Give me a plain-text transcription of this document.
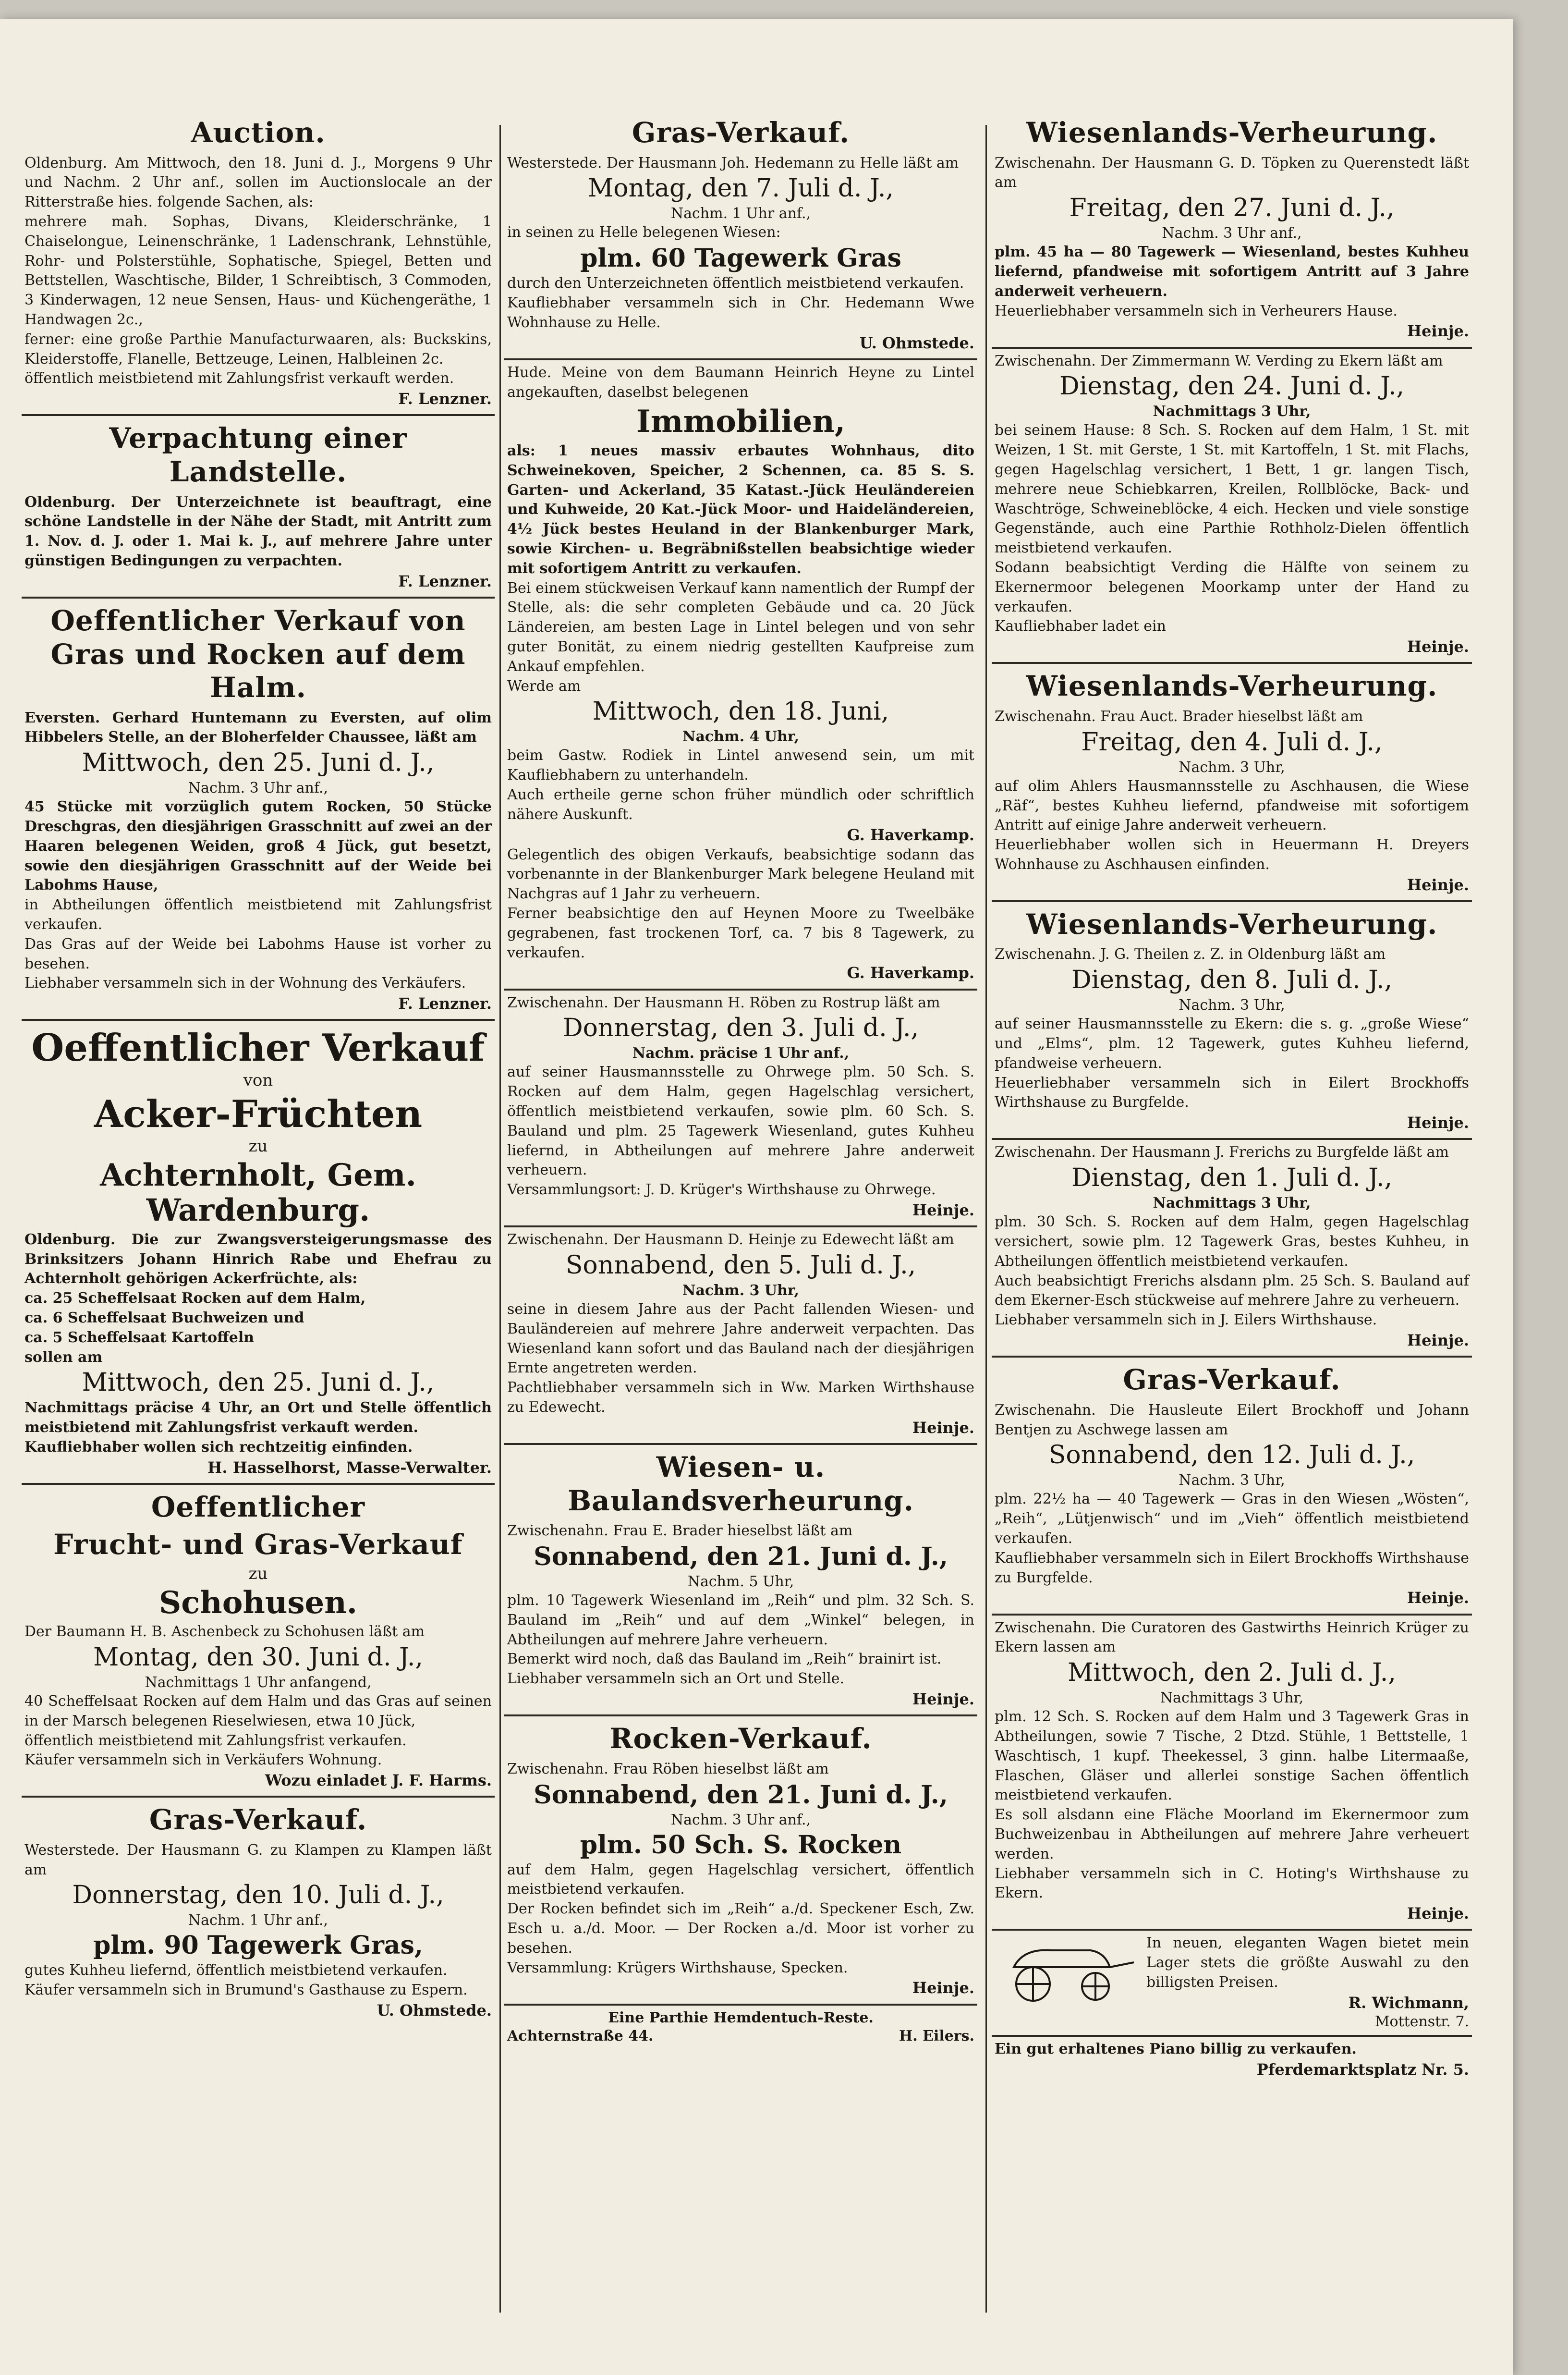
Auction.

Oldenburg. Am Mittwoch, den 18. Juni d. J., Morgens 9 Uhr und Nachm. 2 Uhr anf., sollen im Auctionslocale an der Ritterstraße hies. folgende Sachen, als:

mehrere mah. Sophas, Divans, Kleiderschränke, 1 Chaiselongue, Leinenschränke, 1 Ladenschrank, Lehnstühle, Rohr- und Polsterstühle, Sophatische, Spiegel, Betten und Bettstellen, Waschtische, Bilder, 1 Schreibtisch, 3 Commoden, 3 Kinderwagen, 12 neue Sensen, Haus- und Küchengeräthe, 1 Handwagen 2c.,

ferner: eine große Parthie Manufacturwaaren, als: Buckskins, Kleiderstoffe, Flanelle, Bettzeuge, Leinen, Halbleinen 2c.

öffentlich meistbietend mit Zahlungsfrist verkauft werden.

F. Lenzner.
Verpachtung einer Landstelle.

Oldenburg. Der Unterzeichnete ist beauftragt, eine schöne Landstelle in der Nähe der Stadt, mit Antritt zum 1. Nov. d. J. oder 1. Mai k. J., auf mehrere Jahre unter günstigen Bedingungen zu verpachten.

F. Lenzner.
Oeffentlicher Verkauf von Gras und Rocken auf dem Halm.

Eversten. Gerhard Huntemann zu Eversten, auf olim Hibbelers Stelle, an der Bloherfelder Chaussee, läßt am

Mittwoch, den 25. Juni d. J.,
Nachm. 3 Uhr anf.,

45 Stücke mit vorzüglich gutem Rocken, 50 Stücke Dreschgras, den diesjährigen Grasschnitt auf zwei an der Haaren belegenen Weiden, groß 4 Jück, gut besetzt, sowie den diesjährigen Grasschnitt auf der Weide bei Labohms Hause,

in Abtheilungen öffentlich meistbietend mit Zahlungsfrist verkaufen.

Das Gras auf der Weide bei Labohms Hause ist vorher zu besehen.

Liebhaber versammeln sich in der Wohnung des Verkäufers.

F. Lenzner.
Oeffentlicher Verkauf
von
Acker-Früchten
zu
Achternholt, Gem. Wardenburg.

Oldenburg. Die zur Zwangsversteigerungsmasse des Brinksitzers Johann Hinrich Rabe und Ehefrau zu Achternholt gehörigen Ackerfrüchte, als:

ca. 25 Scheffelsaat Rocken auf dem Halm,

ca. 6 Scheffelsaat Buchweizen und

ca. 5 Scheffelsaat Kartoffeln

sollen am

Mittwoch, den 25. Juni d. J.,

Nachmittags präcise 4 Uhr, an Ort und Stelle öffentlich meistbietend mit Zahlungsfrist verkauft werden.

Kaufliebhaber wollen sich rechtzeitig einfinden.

H. Hasselhorst, Masse-Verwalter.
Oeffentlicher
Frucht- und Gras-Verkauf
zu
Schohusen.

Der Baumann H. B. Aschenbeck zu Schohusen läßt am

Montag, den 30. Juni d. J.,
Nachmittags 1 Uhr anfangend,

40 Scheffelsaat Rocken auf dem Halm und das Gras auf seinen in der Marsch belegenen Rieselwiesen, etwa 10 Jück,

öffentlich meistbietend mit Zahlungsfrist verkaufen.

Käufer versammeln sich in Verkäufers Wohnung.

Wozu einladet J. F. Harms.
Gras-Verkauf.

Westerstede. Der Hausmann G. zu Klampen zu Klampen läßt am

Donnerstag, den 10. Juli d. J.,
Nachm. 1 Uhr anf.,
plm. 90 Tagewerk Gras,

gutes Kuhheu liefernd, öffentlich meistbietend verkaufen.

Käufer versammeln sich in Brumund's Gasthause zu Espern.

U. Ohmstede.
Gras-Verkauf.

Westerstede. Der Hausmann Joh. Hedemann zu Helle läßt am

Montag, den 7. Juli d. J.,
Nachm. 1 Uhr anf.,

in seinen zu Helle belegenen Wiesen:

plm. 60 Tagewerk Gras

durch den Unterzeichneten öffentlich meistbietend verkaufen.

Kaufliebhaber versammeln sich in Chr. Hedemann Wwe Wohnhause zu Helle.

U. Ohmstede.

Hude. Meine von dem Baumann Heinrich Heyne zu Lintel angekauften, daselbst belegenen

Immobilien,

als: 1 neues massiv erbautes Wohnhaus, dito Schweinekoven, Speicher, 2 Schennen, ca. 85 S. S. Garten- und Ackerland, 35 Katast.-Jück Heuländereien und Kuhweide, 20 Kat.-Jück Moor- und Haideländereien, 4½ Jück bestes Heuland in der Blankenburger Mark, sowie Kirchen- u. Begräbnißstellen beabsichtige wieder mit sofortigem Antritt zu verkaufen.

Bei einem stückweisen Verkauf kann namentlich der Rumpf der Stelle, als: die sehr completen Gebäude und ca. 20 Jück Ländereien, am besten Lage in Lintel belegen und von sehr guter Bonität, zu einem niedrig gestellten Kaufpreise zum Ankauf empfehlen.

Werde am

Mittwoch, den 18. Juni,
Nachm. 4 Uhr,

beim Gastw. Rodiek in Lintel anwesend sein, um mit Kaufliebhabern zu unterhandeln.

Auch ertheile gerne schon früher mündlich oder schriftlich nähere Auskunft.

G. Haverkamp.

Gelegentlich des obigen Verkaufs, beabsichtige sodann das vorbenannte in der Blankenburger Mark belegene Heuland mit Nachgras auf 1 Jahr zu verheuern.

Ferner beabsichtige den auf Heynen Moore zu Tweelbäke gegrabenen, fast trockenen Torf, ca. 7 bis 8 Tagewerk, zu verkaufen.

G. Haverkamp.

Zwischenahn. Der Hausmann H. Röben zu Rostrup läßt am

Donnerstag, den 3. Juli d. J.,
Nachm. präcise 1 Uhr anf.,

auf seiner Hausmannsstelle zu Ohrwege plm. 50 Sch. S. Rocken auf dem Halm, gegen Hagelschlag versichert, öffentlich meistbietend verkaufen, sowie plm. 60 Sch. S. Bauland und plm. 25 Tagewerk Wiesenland, gutes Kuhheu liefernd, in Abtheilungen auf mehrere Jahre anderweit verheuern.

Versammlungsort: J. D. Krüger's Wirthshause zu Ohrwege.

Heinje.

Zwischenahn. Der Hausmann D. Heinje zu Edewecht läßt am

Sonnabend, den 5. Juli d. J.,
Nachm. 3 Uhr,

seine in diesem Jahre aus der Pacht fallenden Wiesen- und Bauländereien auf mehrere Jahre anderweit verpachten. Das Wiesenland kann sofort und das Bauland nach der diesjährigen Ernte angetreten werden.

Pachtliebhaber versammeln sich in Ww. Marken Wirthshause zu Edewecht.

Heinje.
Wiesen- u. Baulandsverheurung.

Zwischenahn. Frau E. Brader hieselbst läßt am

Sonnabend, den 21. Juni d. J.,
Nachm. 5 Uhr,

plm. 10 Tagewerk Wiesenland im „Reih“ und plm. 32 Sch. S. Bauland im „Reih“ und auf dem „Winkel“ belegen, in Abtheilungen auf mehrere Jahre verheuern.

Bemerkt wird noch, daß das Bauland im „Reih“ brainirt ist.

Liebhaber versammeln sich an Ort und Stelle.

Heinje.
Rocken-Verkauf.

Zwischenahn. Frau Röben hieselbst läßt am

Sonnabend, den 21. Juni d. J.,
Nachm. 3 Uhr anf.,
plm. 50 Sch. S. Rocken

auf dem Halm, gegen Hagelschlag versichert, öffentlich meistbietend verkaufen.

Der Rocken befindet sich im „Reih“ a./d. Speckener Esch, Zw. Esch u. a./d. Moor. — Der Rocken a./d. Moor ist vorher zu besehen.

Versammlung: Krügers Wirthshause, Specken.

Heinje.

Eine Parthie Hemdentuch-Reste.

Achternstraße 44.	H. Eilers.
Wiesenlands-Verheurung.

Zwischenahn. Der Hausmann G. D. Töpken zu Querenstedt läßt am

Freitag, den 27. Juni d. J.,
Nachm. 3 Uhr anf.,

plm. 45 ha — 80 Tagewerk — Wiesenland, bestes Kuhheu liefernd, pfandweise mit sofortigem Antritt auf 3 Jahre anderweit verheuern.

Heuerliebhaber versammeln sich in Verheurers Hause.

Heinje.

Zwischenahn. Der Zimmermann W. Verding zu Ekern läßt am

Dienstag, den 24. Juni d. J.,
Nachmittags 3 Uhr,

bei seinem Hause: 8 Sch. S. Rocken auf dem Halm, 1 St. mit Weizen, 1 St. mit Gerste, 1 St. mit Kartoffeln, 1 St. mit Flachs, gegen Hagelschlag versichert, 1 Bett, 1 gr. langen Tisch, mehrere neue Schiebkarren, Kreilen, Rollblöcke, Back- und Waschtröge, Schweineblöcke, 4 eich. Hecken und viele sonstige Gegenstände, auch eine Parthie Rothholz-Dielen öffentlich meistbietend verkaufen.

Sodann beabsichtigt Verding die Hälfte von seinem zu Ekernermoor belegenen Moorkamp unter der Hand zu verkaufen.

Kaufliebhaber ladet ein

Heinje.
Wiesenlands-Verheurung.

Zwischenahn. Frau Auct. Brader hieselbst läßt am

Freitag, den 4. Juli d. J.,
Nachm. 3 Uhr,

auf olim Ahlers Hausmannsstelle zu Aschhausen, die Wiese „Räf“, bestes Kuhheu liefernd, pfandweise mit sofortigem Antritt auf einige Jahre anderweit verheuern.

Heuerliebhaber wollen sich in Heuermann H. Dreyers Wohnhause zu Aschhausen einfinden.

Heinje.
Wiesenlands-Verheurung.

Zwischenahn. J. G. Theilen z. Z. in Oldenburg läßt am

Dienstag, den 8. Juli d. J.,
Nachm. 3 Uhr,

auf seiner Hausmannsstelle zu Ekern: die s. g. „große Wiese“ und „Elms“, plm. 12 Tagewerk, gutes Kuhheu liefernd, pfandweise verheuern.

Heuerliebhaber versammeln sich in Eilert Brockhoffs Wirthshause zu Burgfelde.

Heinje.

Zwischenahn. Der Hausmann J. Frerichs zu Burgfelde läßt am

Dienstag, den 1. Juli d. J.,
Nachmittags 3 Uhr,

plm. 30 Sch. S. Rocken auf dem Halm, gegen Hagelschlag versichert, sowie plm. 12 Tagewerk Gras, bestes Kuhheu, in Abtheilungen öffentlich meistbietend verkaufen.

Auch beabsichtigt Frerichs alsdann plm. 25 Sch. S. Bauland auf dem Ekerner-Esch stückweise auf mehrere Jahre zu verheuern.

Liebhaber versammeln sich in J. Eilers Wirthshause.

Heinje.
Gras-Verkauf.

Zwischenahn. Die Hausleute Eilert Brockhoff und Johann Bentjen zu Aschwege lassen am

Sonnabend, den 12. Juli d. J.,
Nachm. 3 Uhr,

plm. 22½ ha — 40 Tagewerk — Gras in den Wiesen „Wösten“, „Reih“, „Lütjenwisch“ und im „Vieh“ öffentlich meistbietend verkaufen.

Kaufliebhaber versammeln sich in Eilert Brockhoffs Wirthshause zu Burgfelde.

Heinje.

Zwischenahn. Die Curatoren des Gastwirths Heinrich Krüger zu Ekern lassen am

Mittwoch, den 2. Juli d. J.,
Nachmittags 3 Uhr,

plm. 12 Sch. S. Rocken auf dem Halm und 3 Tagewerk Gras in Abtheilungen, sowie 7 Tische, 2 Dtzd. Stühle, 1 Bettstelle, 1 Waschtisch, 1 kupf. Theekessel, 3 ginn. halbe Litermaaße, Flaschen, Gläser und allerlei sonstige Sachen öffentlich meistbietend verkaufen.

Es soll alsdann eine Fläche Moorland im Ekernermoor zum Buchweizenbau in Abtheilungen auf mehrere Jahre verheuert werden.

Liebhaber versammeln sich in C. Hoting's Wirthshause zu Ekern.

Heinje.

In neuen, eleganten Wagen bietet mein Lager stets die größte Auswahl zu den billigsten Preisen.

R. Wichmann,
Mottenstr. 7.

Ein gut erhaltenes Piano billig zu verkaufen.

Pferdemarktsplatz Nr. 5.
